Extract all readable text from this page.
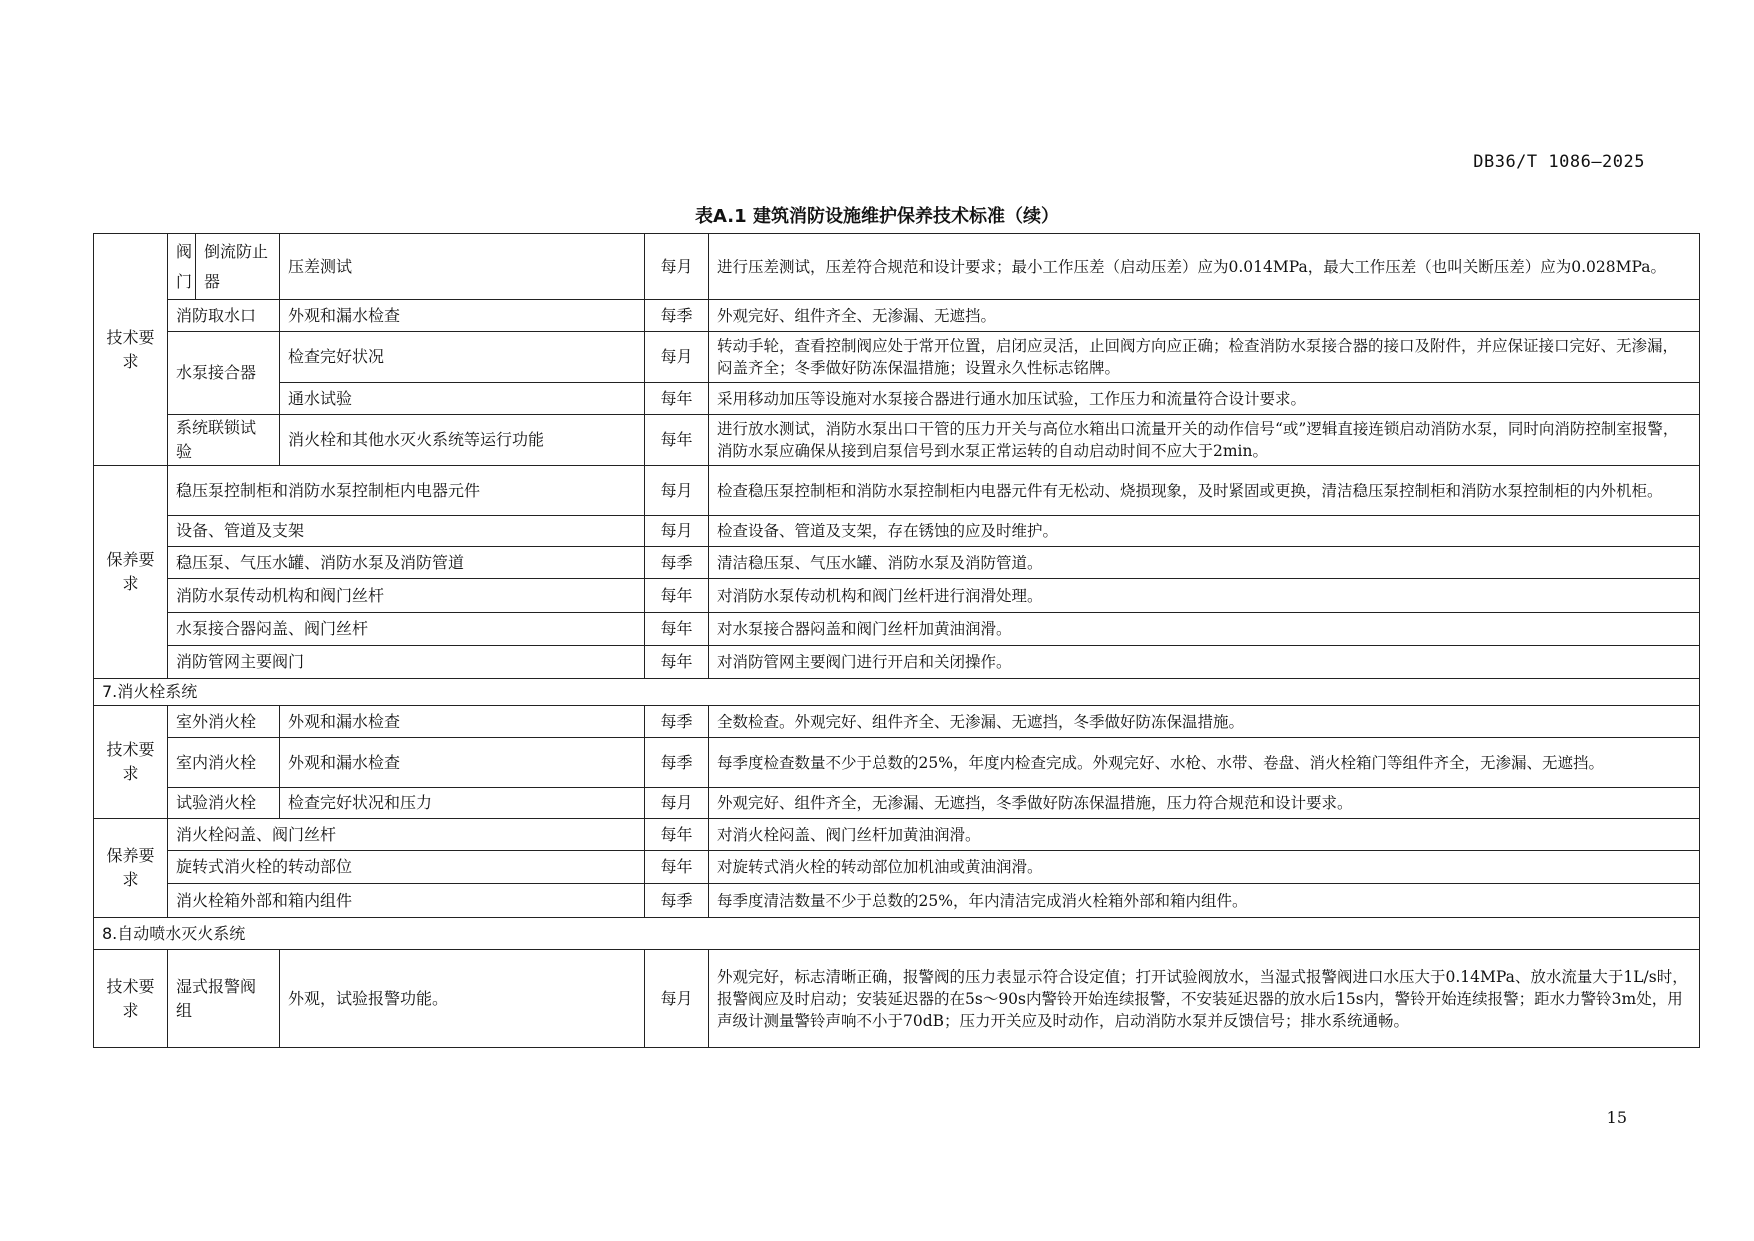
DB36/T 1086—2025
表A.1 建筑消防设施维护保养技术标准（续）
技术要求	阀门	倒流防止器	压差测试	每月	进行压差测试，压差符合规范和设计要求；最小工作压差（启动压差）应为0.014MPa，最大工作压差（也叫关断压差）应为0.028MPa。
	消防取水口		外观和漏水检查	每季	外观完好、组件齐全、无渗漏、无遮挡。
	水泵接合器		检查完好状况	每月	转动手轮，查看控制阀应处于常开位置，启闭应灵活，止回阀方向应正确；检查消防水泵接合器的接口及附件，并应保证接口完好、无渗漏，闷盖齐全；冬季做好防冻保温措施；设置永久性标志铭牌。
			通水试验	每年	采用移动加压等设施对水泵接合器进行通水加压试验，工作压力和流量符合设计要求。
	系统联锁试验		消火栓和其他水灭火系统等运行功能	每年	进行放水测试，消防水泵出口干管的压力开关与高位水箱出口流量开关的动作信号“或”逻辑直接连锁启动消防水泵，同时向消防控制室报警，消防水泵应确保从接到启泵信号到水泵正常运转的自动启动时间不应大于2min。
保养要求	稳压泵控制柜和消防水泵控制柜内电器元件			每月	检查稳压泵控制柜和消防水泵控制柜内电器元件有无松动、烧损现象，及时紧固或更换，清洁稳压泵控制柜和消防水泵控制柜的内外机柜。
	设备、管道及支架			每月	检查设备、管道及支架，存在锈蚀的应及时维护。
	稳压泵、气压水罐、消防水泵及消防管道			每季	清洁稳压泵、气压水罐、消防水泵及消防管道。
	消防水泵传动机构和阀门丝杆			每年	对消防水泵传动机构和阀门丝杆进行润滑处理。
	水泵接合器闷盖、阀门丝杆			每年	对水泵接合器闷盖和阀门丝杆加黄油润滑。
	消防管网主要阀门			每年	对消防管网主要阀门进行开启和关闭操作。
7.消火栓系统					
技术要求	室外消火栓		外观和漏水检查	每季	全数检查。外观完好、组件齐全、无渗漏、无遮挡，冬季做好防冻保温措施。
	室内消火栓		外观和漏水检查	每季	每季度检查数量不少于总数的25%，年度内检查完成。外观完好、水枪、水带、卷盘、消火栓箱门等组件齐全，无渗漏、无遮挡。
	试验消火栓		检查完好状况和压力	每月	外观完好、组件齐全，无渗漏、无遮挡，冬季做好防冻保温措施，压力符合规范和设计要求。
保养要求	消火栓闷盖、阀门丝杆			每年	对消火栓闷盖、阀门丝杆加黄油润滑。
	旋转式消火栓的转动部位			每年	对旋转式消火栓的转动部位加机油或黄油润滑。
	消火栓箱外部和箱内组件			每季	每季度清洁数量不少于总数的25%，年内清洁完成消火栓箱外部和箱内组件。
8.自动喷水灭火系统					
技术要求	湿式报警阀组		外观，试验报警功能。	每月	外观完好，标志清晰正确，报警阀的压力表显示符合设定值；打开试验阀放水，当湿式报警阀进口水压大于0.14MPa、放水流量大于1L/s时，报警阀应及时启动；安装延迟器的在5s～90s内警铃开始连续报警，不安装延迟器的放水后15s内，警铃开始连续报警；距水力警铃3m处，用声级计测量警铃声响不小于70dB；压力开关应及时动作，启动消防水泵并反馈信号；排水系统通畅。
15
